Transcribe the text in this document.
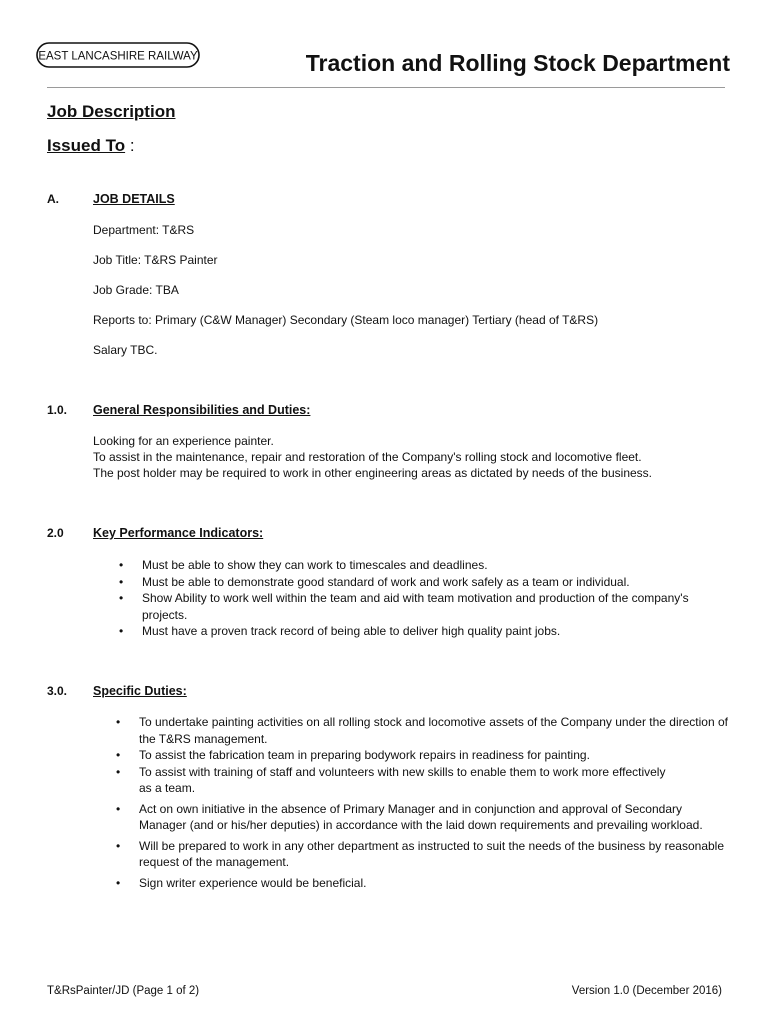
EAST LANCASHIRE RAILWAY	Traction and Rolling Stock Department
Job Description
Issued To :
A.	JOB DETAILS
Department: T&RS
Job Title: T&RS Painter
Job Grade: TBA
Reports to: Primary (C&W Manager) Secondary (Steam loco manager) Tertiary (head of T&RS)
Salary TBC.
1.0. General Responsibilities and Duties:
Looking for an experience painter.
To assist in the maintenance, repair and restoration of the Company's rolling stock and locomotive fleet.
The post holder may be required to work in other engineering areas as dictated by needs of the business.
2.0 Key Performance Indicators:
• Must be able to show they can work to timescales and deadlines.
• Must be able to demonstrate good standard of work and work safely as a team or individual.
• Show Ability to work well within the team and aid with team motivation and production of the company's projects.
• Must have a proven track record of being able to deliver high quality paint jobs.
3.0. Specific Duties:
• To undertake painting activities on all rolling stock and locomotive assets of the Company under the direction of the T&RS management.
• To assist the fabrication team in preparing bodywork repairs in readiness for painting.
• To assist with training of staff and volunteers with new skills to enable them to work more effectively as a team.
• Act on own initiative in the absence of Primary Manager and in conjunction and approval of Secondary Manager (and or his/her deputies) in accordance with the laid down requirements and prevailing workload.
• Will be prepared to work in any other department as instructed to suit the needs of the business by reasonable request of the management.
• Sign writer experience would be beneficial.
T&RsPainter/JD (Page 1 of 2)	Version 1.0 (December 2016)
